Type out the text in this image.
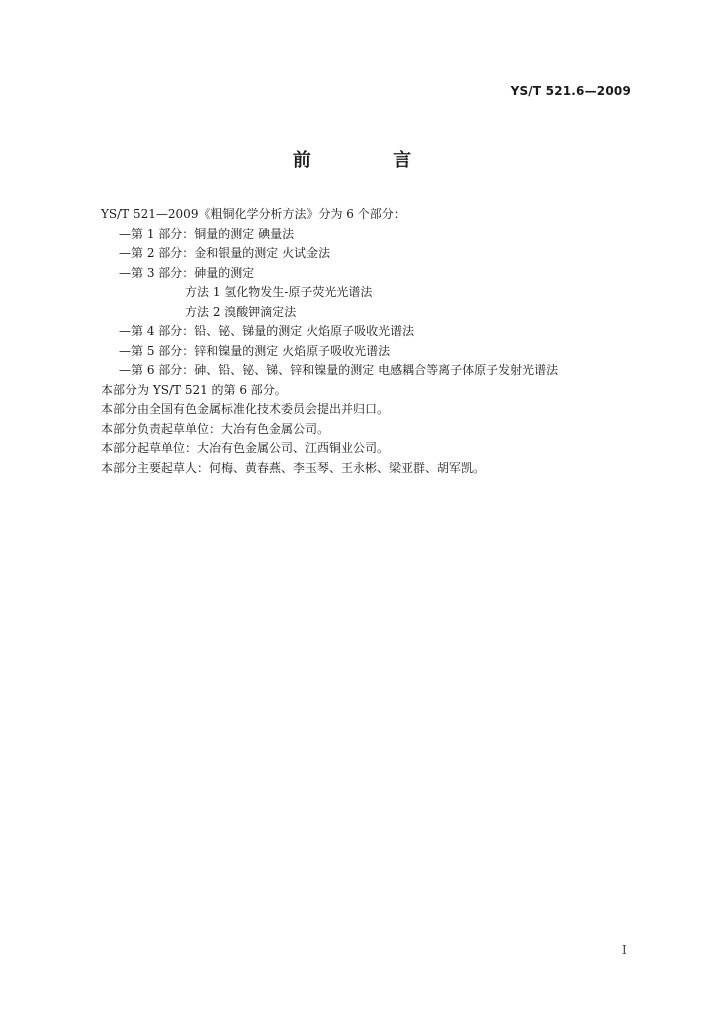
YS/T 521.6—2009
前 言
YS/T 521—2009《粗铜化学分析方法》分为 6 个部分：
—第 1 部分：铜量的测定 碘量法
—第 2 部分：金和银量的测定 火试金法
—第 3 部分：砷量的测定
方法 1 氢化物发生-原子荧光光谱法
方法 2 溴酸钾滴定法
—第 4 部分：铅、铋、锑量的测定 火焰原子吸收光谱法
—第 5 部分：锌和镍量的测定 火焰原子吸收光谱法
—第 6 部分：砷、铅、铋、锑、锌和镍量的测定 电感耦合等离子体原子发射光谱法
本部分为 YS/T 521 的第 6 部分。
本部分由全国有色金属标准化技术委员会提出并归口。
本部分负责起草单位：大冶有色金属公司。
本部分起草单位：大冶有色金属公司、江西铜业公司。
本部分主要起草人：何梅、黄春燕、李玉琴、王永彬、梁亚群、胡军凯。
I
